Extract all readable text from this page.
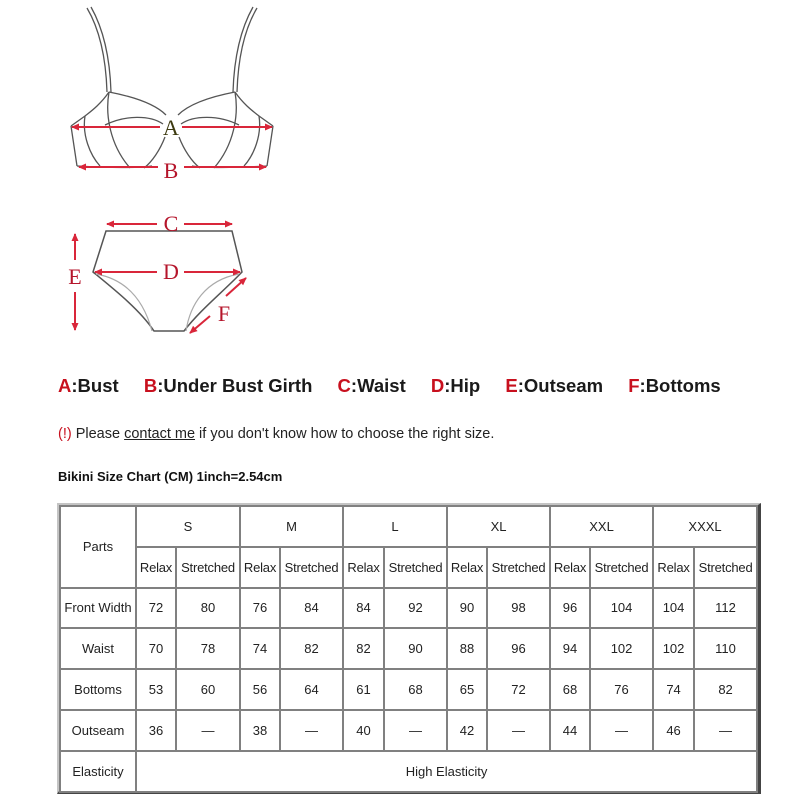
A
B
C
D
E
F
A:Bust B:Under Bust Girth C:Waist D:Hip E:Outseam F:Bottoms
(!) Please contact me if you don't know how to choose the right size.
Bikini Size Chart (CM) 1inch=2.54cm
Parts	S		M		L		XL		XXL		XXXL	
	Relax	Stretched	Relax	Stretched	Relax	Stretched	Relax	Stretched	Relax	Stretched	Relax	Stretched
Front Width	72	80	76	84	84	92	90	98	96	104	104	112
Waist	70	78	74	82	82	90	88	96	94	102	102	110
Bottoms	53	60	56	64	61	68	65	72	68	76	74	82
Outseam	36	—	38	—	40	—	42	—	44	—	46	—
Elasticity	High Elasticity											
